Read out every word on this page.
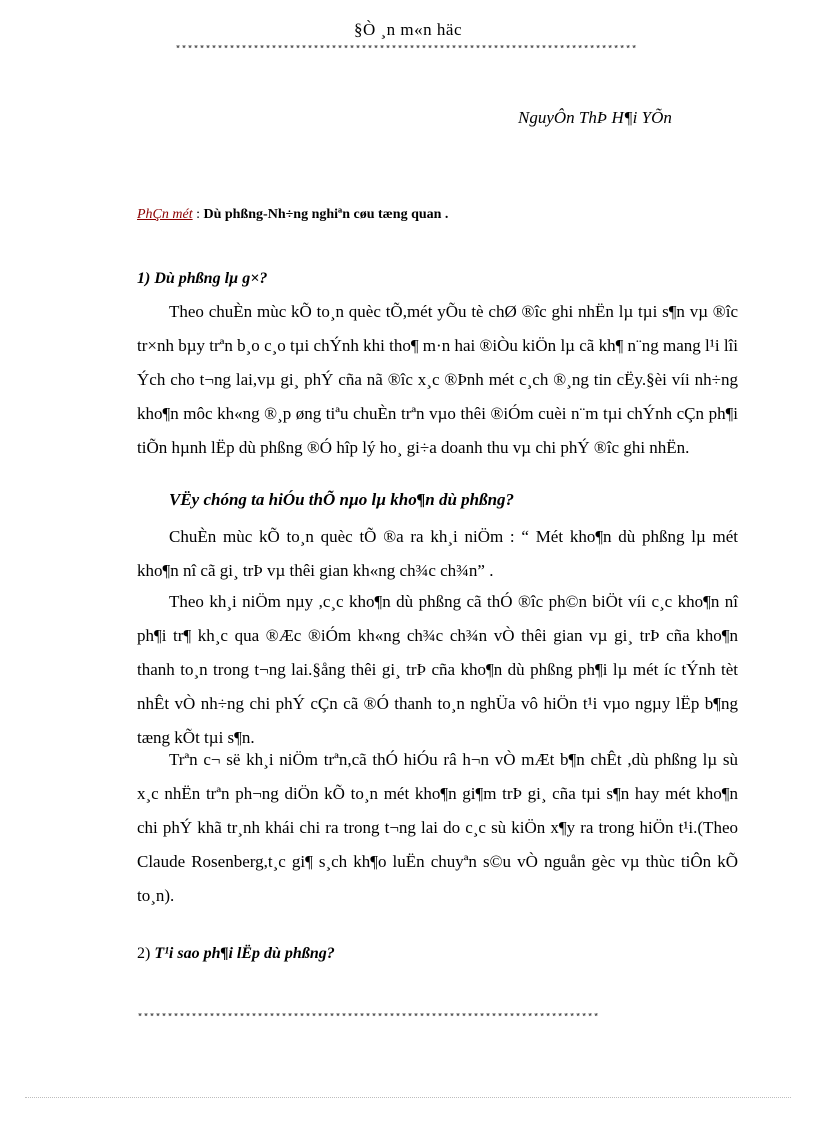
§Ò ¸n m«n häc
*****************************************************************************
NguyÔn ThÞ H¶i YÕn
PhÇn mét : Dù phßng-Nh÷ng nghiªn cøu tæng quan .
1) Dù phßng lµ g×?

Theo chuÈn mùc kÕ to¸n quèc tÕ,mét yÕu tè chØ ®îc ghi nhËn lµ tµi s¶n vµ ®îc tr×nh bµy trªn b¸o c¸o tµi chÝnh khi tho¶ m·n hai ®iÒu kiÖn lµ cã kh¶ n¨ng mang l¹i lîi Ých cho t¬ng lai,vµ gi¸ phÝ cña nã ®îc x¸c ®Þnh mét c¸ch ®¸ng tin cËy.§èi víi nh÷ng kho¶n môc kh«ng ®¸p øng tiªu chuÈn trªn vµo thêi ®iÓm cuèi n¨m tµi chÝnh cÇn ph¶i tiÕn hµnh lËp dù phßng ®Ó hîp lý ho¸ gi÷a doanh thu vµ chi phÝ ®îc ghi nhËn.

VËy chóng ta hiÓu thÕ nµo lµ kho¶n dù phßng?

ChuÈn mùc kÕ to¸n quèc tÕ ®a ra kh¸i niÖm : “ Mét kho¶n dù phßng lµ mét kho¶n nî cã gi¸ trÞ vµ thêi gian kh«ng ch¾c ch¾n” .

Theo kh¸i niÖm nµy ,c¸c kho¶n dù phßng cã thÓ ®îc ph©n biÖt víi c¸c kho¶n nî ph¶i tr¶ kh¸c qua ®Æc ®iÓm kh«ng ch¾c ch¾n vÒ thêi gian vµ gi¸ trÞ cña kho¶n thanh to¸n trong t¬ng lai.§ång thêi gi¸ trÞ cña kho¶n dù phßng ph¶i lµ mét íc tÝnh tèt nhÊt vÒ nh÷ng chi phÝ cÇn cã ®Ó thanh to¸n nghÜa vô hiÖn t¹i vµo ngµy lËp b¶ng tæng kÕt tµi s¶n.

Trªn c¬ së kh¸i niÖm trªn,cã thÓ hiÓu râ h¬n vÒ mÆt b¶n chÊt ,dù phßng lµ sù x¸c nhËn trªn ph¬ng diÖn kÕ to¸n mét kho¶n gi¶m trÞ gi¸ cña tµi s¶n hay mét kho¶n chi phÝ khã tr¸nh khái chi ra trong t¬ng lai do c¸c sù kiÖn x¶y ra trong hiÖn t¹i.(Theo Claude Rosenberg,t¸c gi¶ s¸ch kh¶o luËn chuyªn s©u vÒ nguån gèc vµ thùc tiÔn kÕ to¸n).

2) T¹i sao ph¶i lËp dù phßng?
*****************************************************************************
